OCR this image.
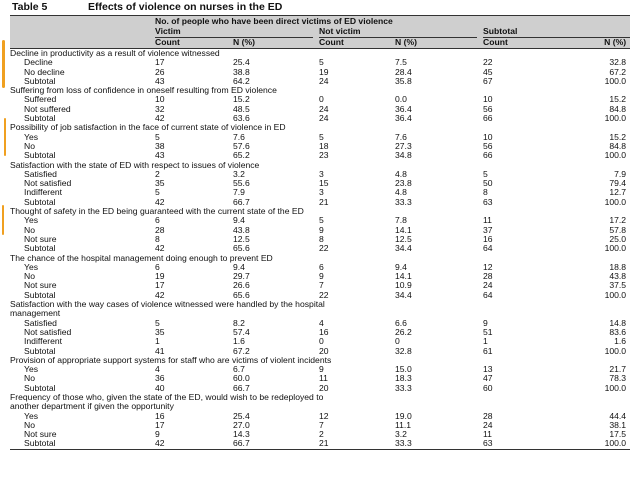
Table 5	Effects of violence on nurses in the ED
	No. of people who have been direct victims of ED violence							
	Victim			Not victim			Subtotal	
	Count	N (%)		Count	N (%)		Count	N (%)
Decline in productivity as a result of violence witnessed								
Decline	17	25.4		5	7.5		22	32.8
No decline	26	38.8		19	28.4		45	67.2
Subtotal	43	64.2		24	35.8		67	100.0
Suffering from loss of confidence in oneself resulting from ED violence								
Suffered	10	15.2		0	0.0		10	15.2
Not suffered	32	48.5		24	36.4		56	84.8
Subtotal	42	63.6		24	36.4		66	100.0
Possibility of job satisfaction in the face of current state of violence in ED								
Yes	5	7.6		5	7.6		10	15.2
No	38	57.6		18	27.3		56	84.8
Subtotal	43	65.2		23	34.8		66	100.0
Satisfaction with the state of ED with respect to issues of violence								
Satisfied	2	3.2		3	4.8		5	7.9
Not satisfied	35	55.6		15	23.8		50	79.4
Indifferent	5	7.9		3	4.8		8	12.7
Subtotal	42	66.7		21	33.3		63	100.0
Thought of safety in the ED being guaranteed with the current state of the ED								
Yes	6	9.4		5	7.8		11	17.2
No	28	43.8		9	14.1		37	57.8
Not sure	8	12.5		8	12.5		16	25.0
Subtotal	42	65.6		22	34.4		64	100.0
The chance of the hospital management doing enough to prevent ED								
Yes	6	9.4		6	9.4		12	18.8
No	19	29.7		9	14.1		28	43.8
Not sure	17	26.6		7	10.9		24	37.5
Subtotal	42	65.6		22	34.4		64	100.0
Satisfaction with the way cases of violence witnessed were handled by the hospital								
management								
Satisfied	5	8.2		4	6.6		9	14.8
Not satisfied	35	57.4		16	26.2		51	83.6
Indifferent	1	1.6		0	0		1	1.6
Subtotal	41	67.2		20	32.8		61	100.0
Provision of appropriate support systems for staff who are victims of violent incidents								
Yes	4	6.7		9	15.0		13	21.7
No	36	60.0		11	18.3		47	78.3
Subtotal	40	66.7		20	33.3		60	100.0
Frequency of those who, given the state of the ED, would wish to be redeployed to								
another department if given the opportunity								
Yes	16	25.4		12	19.0		28	44.4
No	17	27.0		7	11.1		24	38.1
Not sure	9	14.3		2	3.2		11	17.5
Subtotal	42	66.7		21	33.3		63	100.0
